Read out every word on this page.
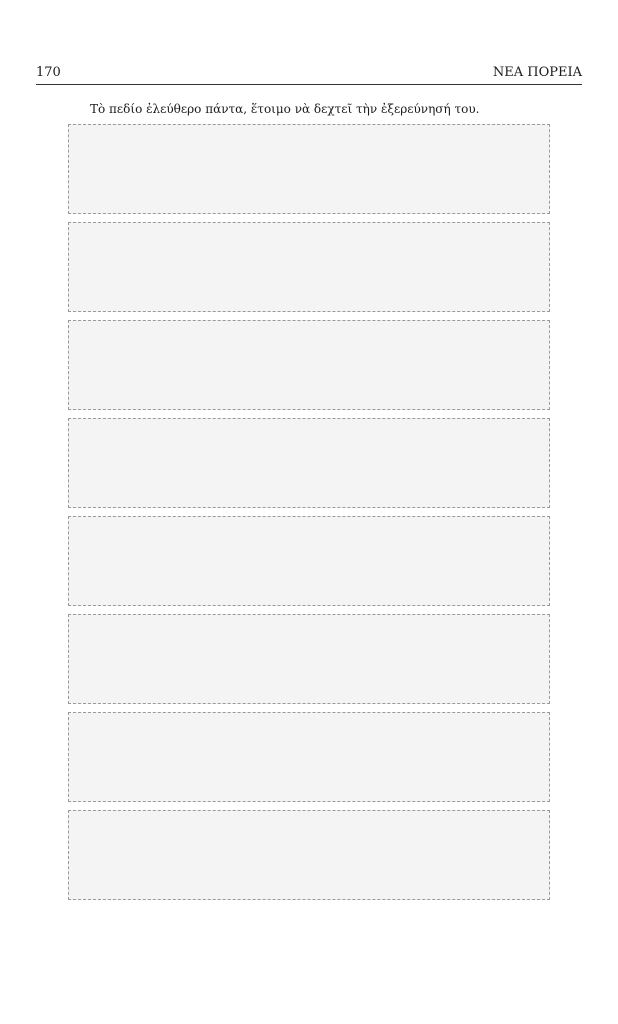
170	ΝΕΑ ΠΟΡΕΙΑ

Τὸ πεδίο ἐλεύθερο πάντα, ἕτοιμο νὰ δεχτεῖ τὴν ἐξερεύνησή του.
